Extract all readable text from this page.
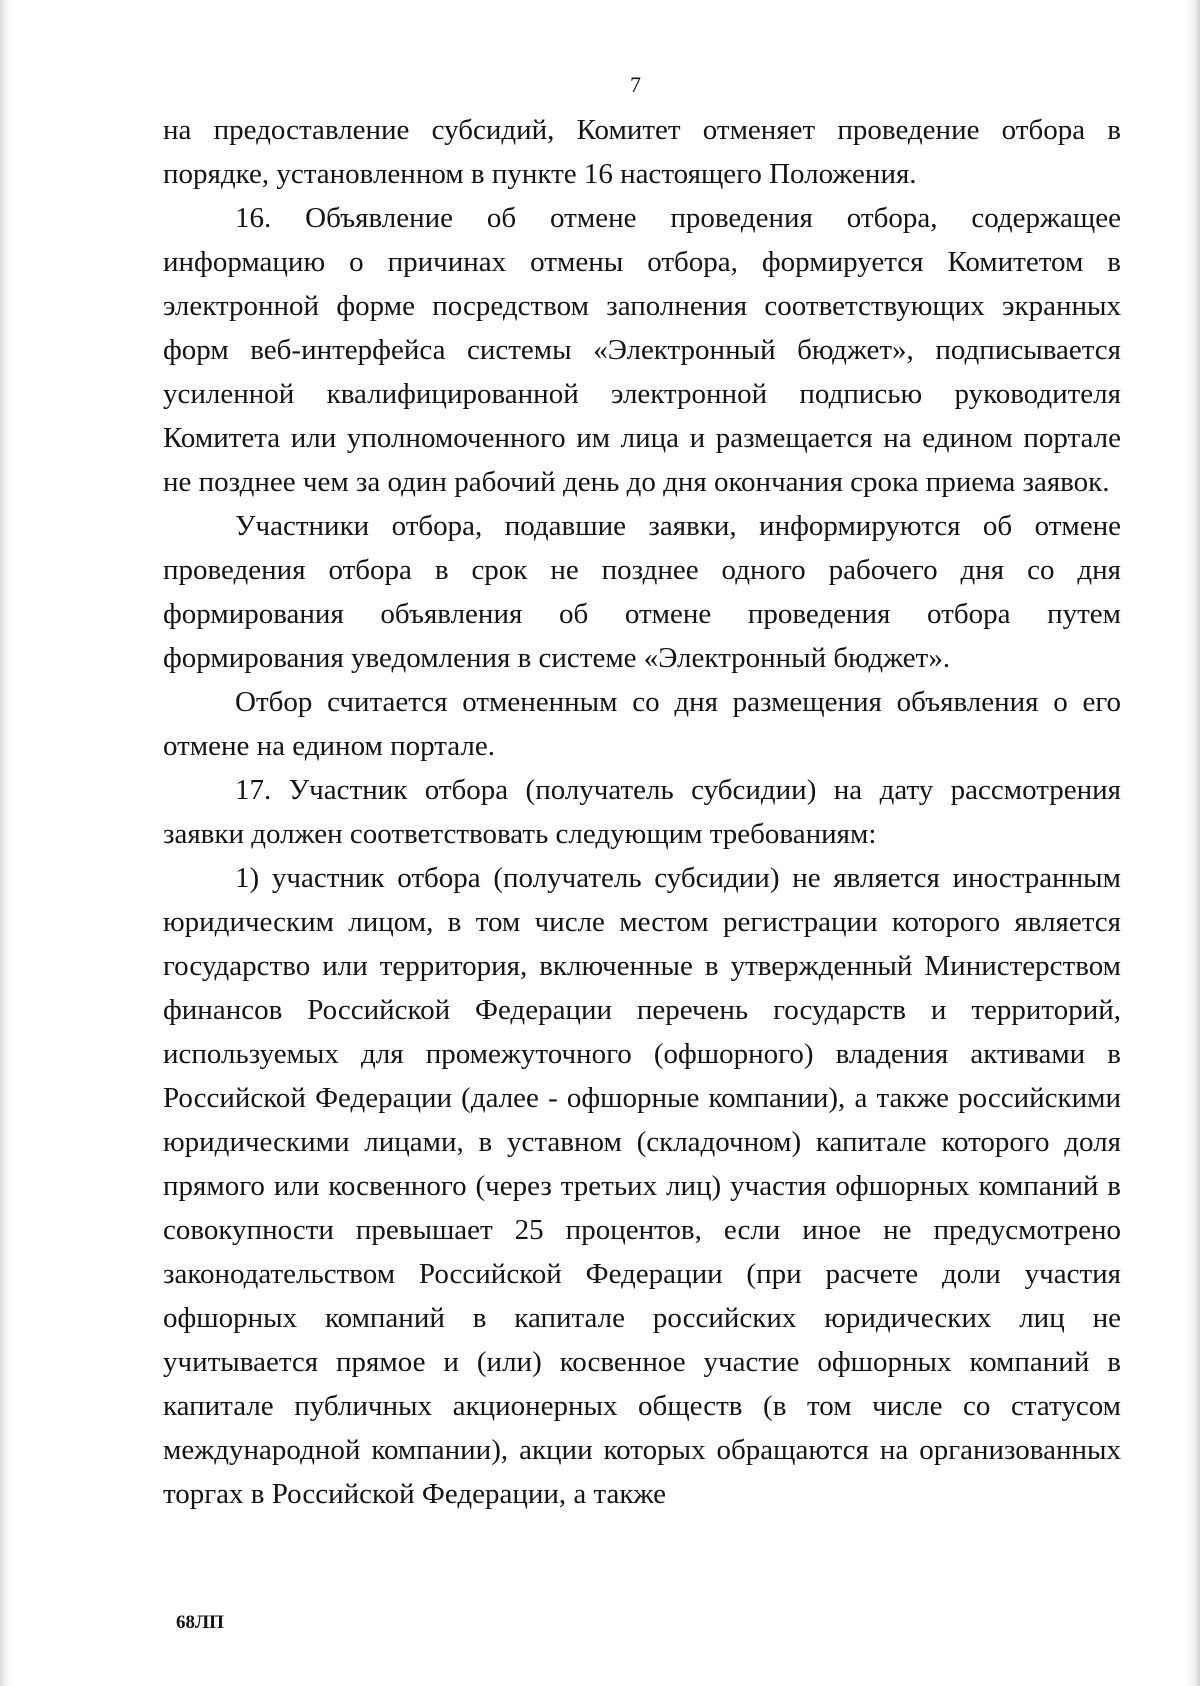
7

на предоставление субсидий, Комитет отменяет проведение отбора в порядке, установленном в пункте 16 настоящего Положения.

16. Объявление об отмене проведения отбора, содержащее информацию о причинах отмены отбора, формируется Комитетом в электронной форме посредством заполнения соответствующих экранных форм веб-интерфейса системы «Электронный бюджет», подписывается усиленной квалифицированной электронной подписью руководителя Комитета или уполномоченного им лица и размещается на едином портале не позднее чем за один рабочий день до дня окончания срока приема заявок.

Участники отбора, подавшие заявки, информируются об отмене проведения отбора в срок не позднее одного рабочего дня со дня формирования объявления об отмене проведения отбора путем формирования уведомления в системе «Электронный бюджет».

Отбор считается отмененным со дня размещения объявления о его отмене на едином портале.

17. Участник отбора (получатель субсидии) на дату рассмотрения заявки должен соответствовать следующим требованиям:

1) участник отбора (получатель субсидии) не является иностранным юридическим лицом, в том числе местом регистрации которого является государство или территория, включенные в утвержденный Министерством финансов Российской Федерации перечень государств и территорий, используемых для промежуточного (офшорного) владения активами в Российской Федерации (далее - офшорные компании), а также российскими юридическими лицами, в уставном (складочном) капитале которого доля прямого или косвенного (через третьих лиц) участия офшорных компаний в совокупности превышает 25 процентов, если иное не предусмотрено законодательством Российской Федерации (при расчете доли участия офшорных компаний в капитале российских юридических лиц не учитывается прямое и (или) косвенное участие офшорных компаний в капитале публичных акционерных обществ (в том числе со статусом международной компании), акции которых обращаются на организованных торгах в Российской Федерации, а также

68ЛП
